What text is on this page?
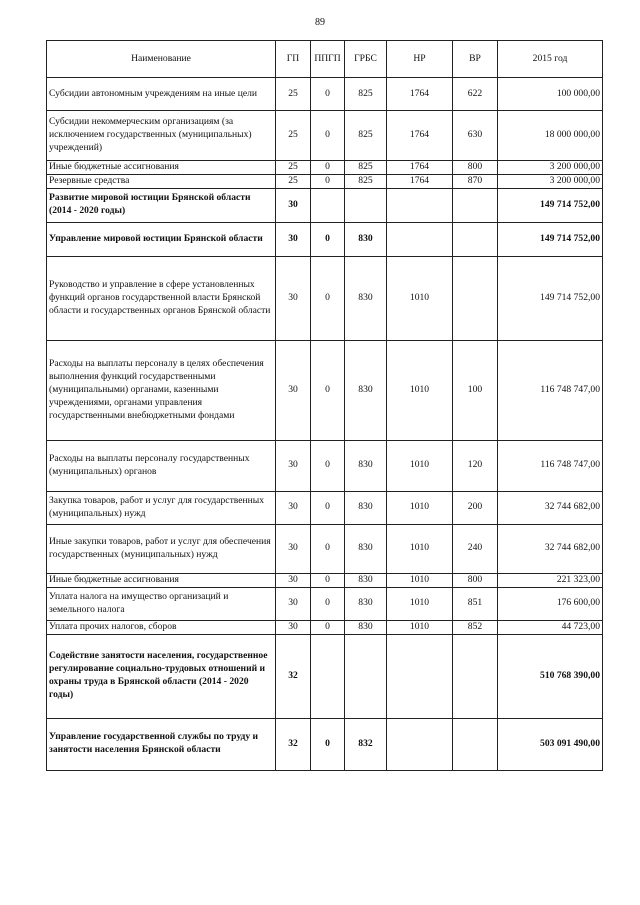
89
Наименование	ГП	ППГП	ГРБС	НР	ВР	2015 год
Субсидии автономным учреждениям на иные цели	25	0	825	1764	622	100 000,00
Субсидии некоммерческим организациям (за исключением государственных (муниципальных) учреждений)	25	0	825	1764	630	18 000 000,00
Иные бюджетные ассигнования	25	0	825	1764	800	3 200 000,00
Резервные средства	25	0	825	1764	870	3 200 000,00
Развитие мировой юстиции Брянской области (2014 - 2020 годы)	30					149 714 752,00
Управление мировой юстиции Брянской области	30	0	830			149 714 752,00
Руководство и управление в сфере установленных функций органов государственной власти Брянской области и государственных органов Брянской области	30	0	830	1010		149 714 752,00
Расходы на выплаты персоналу в целях обеспечения выполнения функций государственными (муниципальными) органами, казенными учреждениями, органами управления государственными внебюджетными фондами	30	0	830	1010	100	116 748 747,00
Расходы на выплаты персоналу государственных (муниципальных) органов	30	0	830	1010	120	116 748 747,00
Закупка товаров, работ и услуг для государственных (муниципальных) нужд	30	0	830	1010	200	32 744 682,00
Иные закупки товаров, работ и услуг для обеспечения государственных (муниципальных) нужд	30	0	830	1010	240	32 744 682,00
Иные бюджетные ассигнования	30	0	830	1010	800	221 323,00
Уплата налога на имущество организаций и земельного налога	30	0	830	1010	851	176 600,00
Уплата прочих налогов, сборов	30	0	830	1010	852	44 723,00
Содействие занятости населения, государственное регулирование социально-трудовых отношений и охраны труда в Брянской области (2014 - 2020 годы)	32					510 768 390,00
Управление государственной службы по труду и занятости населения Брянской области	32	0	832			503 091 490,00
